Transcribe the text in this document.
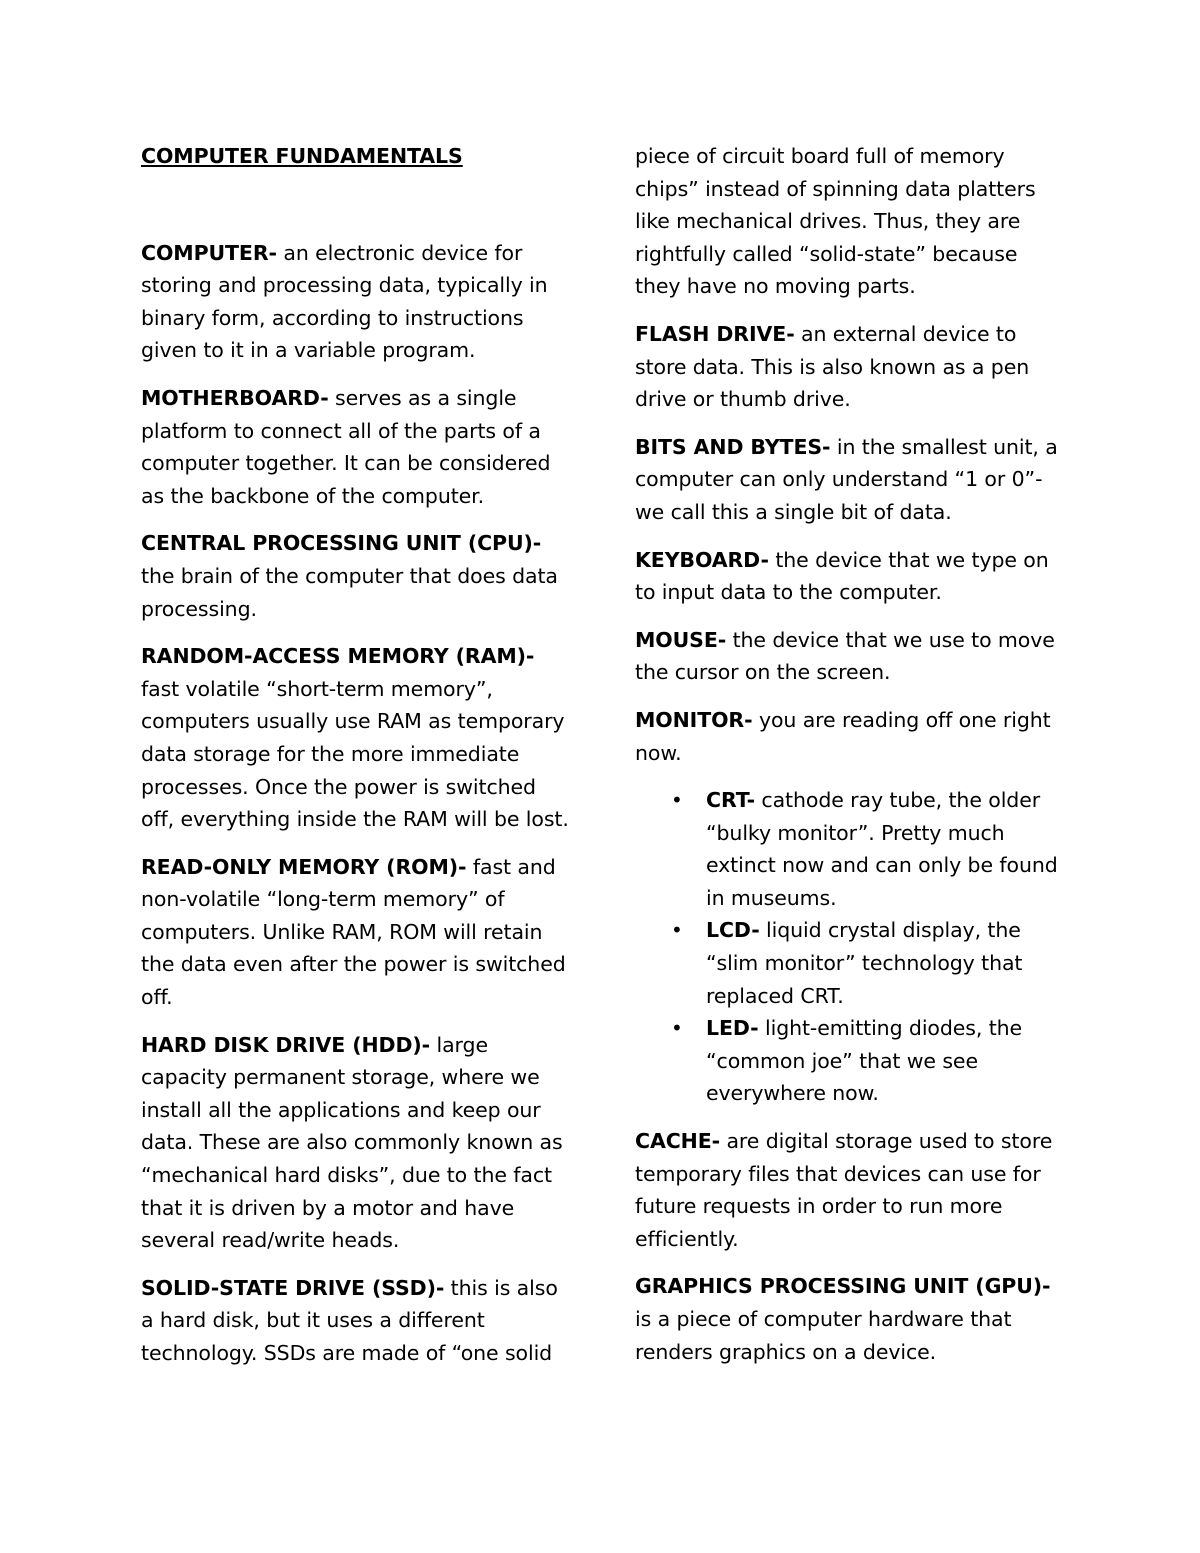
COMPUTER FUNDAMENTALS

COMPUTER- an electronic device for storing and processing data, typically in binary form, according to instructions given to it in a variable program.

MOTHERBOARD- serves as a single platform to connect all of the parts of a computer together. It can be considered as the backbone of the computer.

CENTRAL PROCESSING UNIT (CPU)- the brain of the computer that does data processing.

RANDOM-ACCESS MEMORY (RAM)- fast volatile “short-term memory”, computers usually use RAM as temporary data storage for the more immediate processes. Once the power is switched off, everything inside the RAM will be lost.

READ-ONLY MEMORY (ROM)- fast and non-volatile “long-term memory” of computers. Unlike RAM, ROM will retain the data even after the power is switched off.

HARD DISK DRIVE (HDD)- large capacity permanent storage, where we install all the applications and keep our data. These are also commonly known as “mechanical hard disks”, due to the fact that it is driven by a motor and have several read/write heads.

SOLID-STATE DRIVE (SSD)- this is also a hard disk, but it uses a different technology. SSDs are made of “one solid

piece of circuit board full of memory chips” instead of spinning data platters like mechanical drives. Thus, they are rightfully called “solid-state” because they have no moving parts.

FLASH DRIVE- an external device to store data. This is also known as a pen drive or thumb drive.

BITS AND BYTES- in the smallest unit, a computer can only understand “1 or 0”- we call this a single bit of data.

KEYBOARD- the device that we type on to input data to the computer.

MOUSE- the device that we use to move the cursor on the screen.

MONITOR- you are reading off one right now.

• CRT- cathode ray tube, the older “bulky monitor”. Pretty much extinct now and can only be found in museums.
• LCD- liquid crystal display, the “slim monitor” technology that replaced CRT.
• LED- light-emitting diodes, the “common joe” that we see everywhere now.

CACHE- are digital storage used to store temporary files that devices can use for future requests in order to run more efficiently.

GRAPHICS PROCESSING UNIT (GPU)- is a piece of computer hardware that renders graphics on a device.
